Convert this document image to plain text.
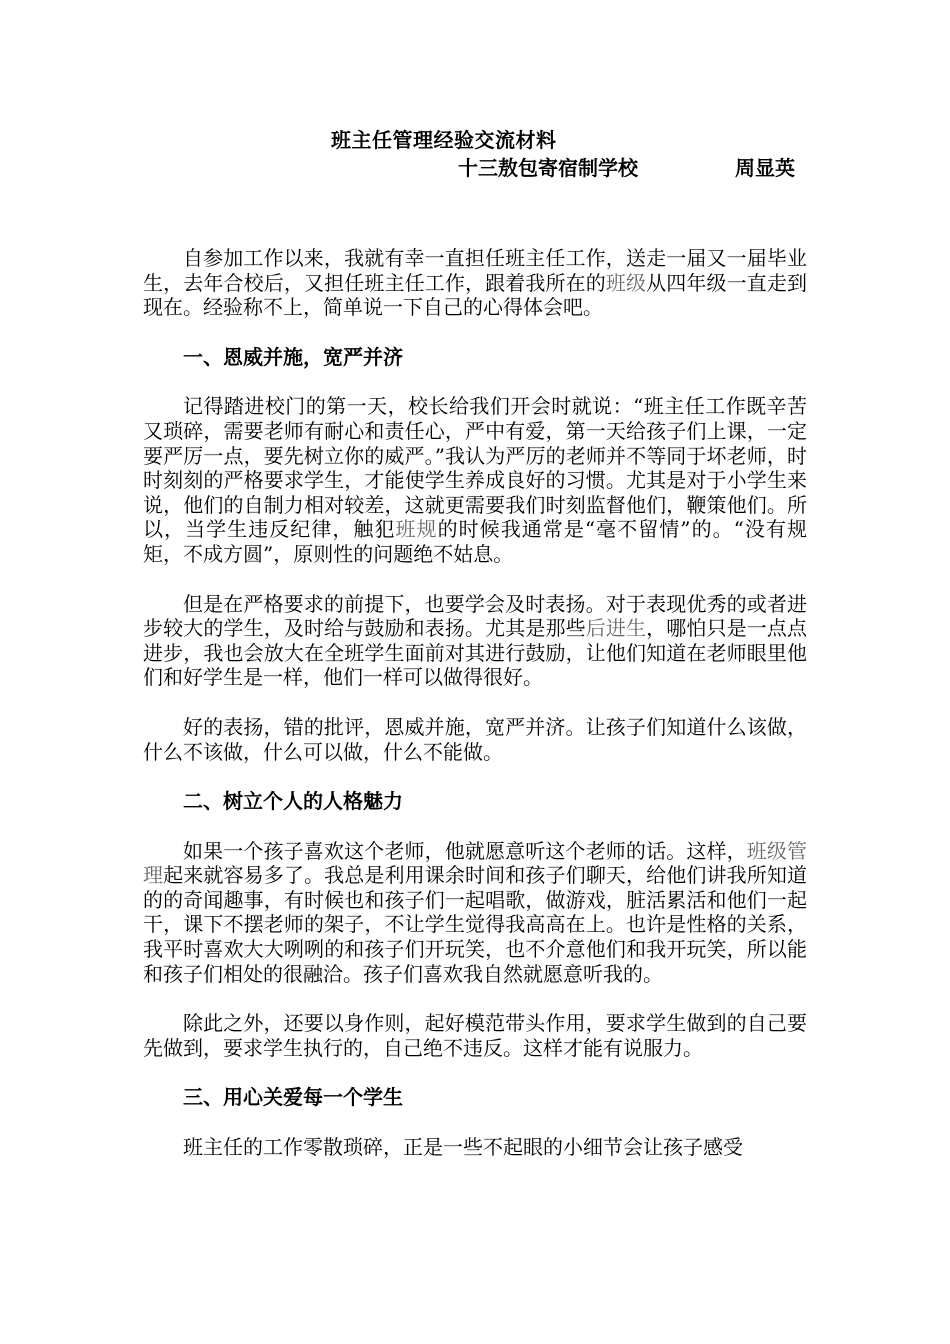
班主任管理经验交流材料
十三敖包寄宿制学校	周显英

自参加工作以来，我就有幸一直担任班主任工作，送走一届又一届毕业生，去年合校后，又担任班主任工作，跟着我所在的班级从四年级一直走到现在。经验称不上，简单说一下自己的心得体会吧。

一、恩威并施，宽严并济

记得踏进校门的第一天，校长给我们开会时就说：“班主任工作既辛苦又琐碎，需要老师有耐心和责任心，严中有爱，第一天给孩子们上课，一定要严厉一点，要先树立你的威严。”我认为严厉的老师并不等同于坏老师，时时刻刻的严格要求学生，才能使学生养成良好的习惯。尤其是对于小学生来说，他们的自制力相对较差，这就更需要我们时刻监督他们，鞭策他们。所以，当学生违反纪律，触犯班规的时候我通常是“毫不留情”的。“没有规矩，不成方圆”，原则性的问题绝不姑息。

但是在严格要求的前提下，也要学会及时表扬。对于表现优秀的或者进步较大的学生，及时给与鼓励和表扬。尤其是那些后进生，哪怕只是一点点进步，我也会放大在全班学生面前对其进行鼓励，让他们知道在老师眼里他们和好学生是一样，他们一样可以做得很好。

好的表扬，错的批评，恩威并施，宽严并济。让孩子们知道什么该做，什么不该做，什么可以做，什么不能做。

二、树立个人的人格魅力

如果一个孩子喜欢这个老师，他就愿意听这个老师的话。这样，班级管理起来就容易多了。我总是利用课余时间和孩子们聊天，给他们讲我所知道的的奇闻趣事，有时候也和孩子们一起唱歌，做游戏，脏活累活和他们一起干，课下不摆老师的架子，不让学生觉得我高高在上。也许是性格的关系，我平时喜欢大大咧咧的和孩子们开玩笑，也不介意他们和我开玩笑，所以能和孩子们相处的很融洽。孩子们喜欢我自然就愿意听我的。

除此之外，还要以身作则，起好模范带头作用，要求学生做到的自己要先做到，要求学生执行的，自己绝不违反。这样才能有说服力。

三、用心关爱每一个学生

班主任的工作零散琐碎，正是一些不起眼的小细节会让孩子感受
